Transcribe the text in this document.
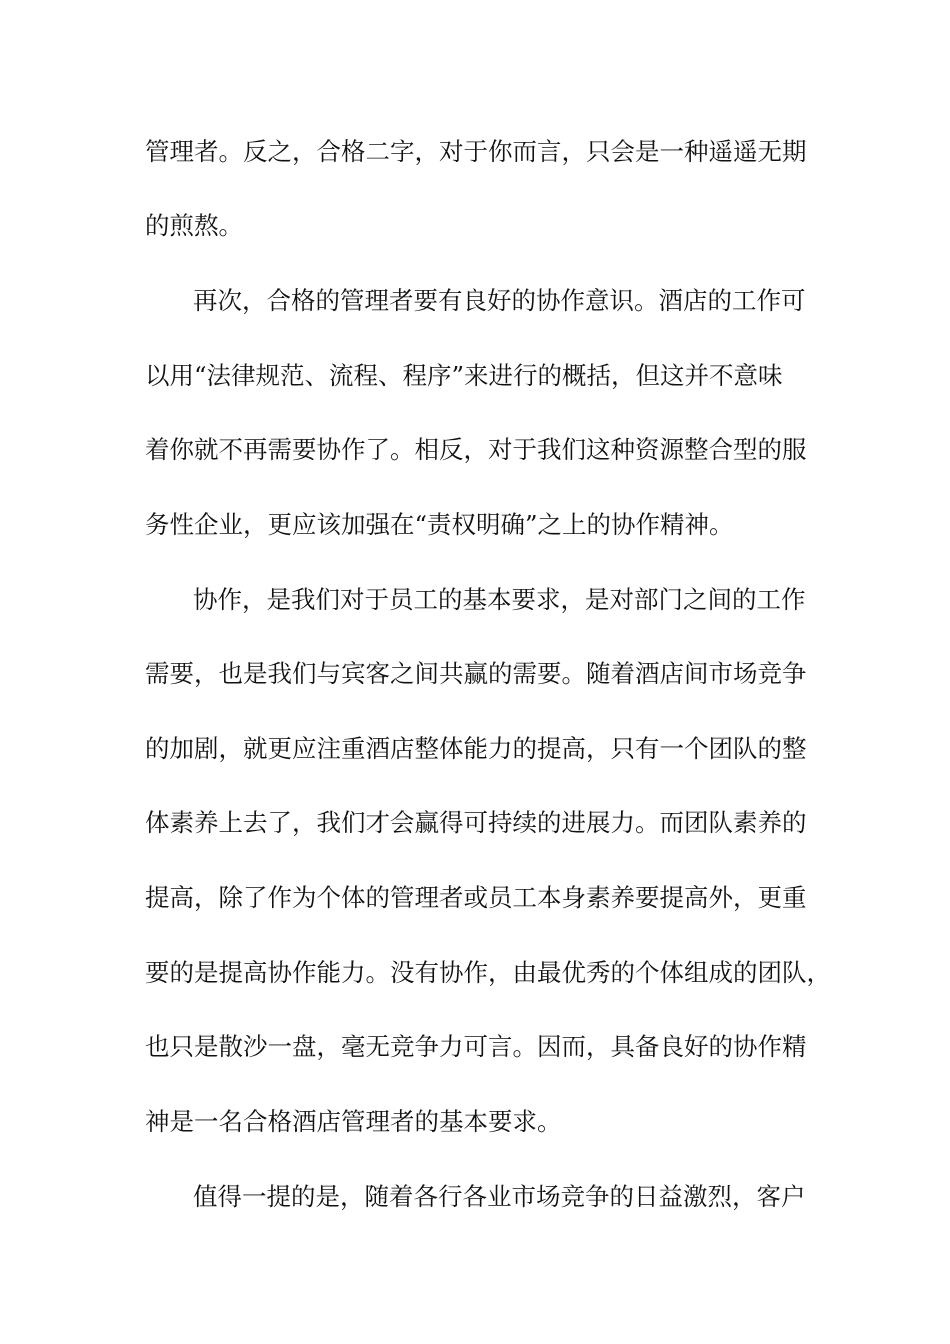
管理者。反之，合格二字，对于你而言，只会是一种遥遥无期
的煎熬。
再次，合格的管理者要有良好的协作意识。酒店的工作可
以用“法律规范、流程、程序”来进行的概括，但这并不意味
着你就不再需要协作了。相反，对于我们这种资源整合型的服
务性企业，更应该加强在“责权明确”之上的协作精神。
协作，是我们对于员工的基本要求，是对部门之间的工作
需要，也是我们与宾客之间共赢的需要。随着酒店间市场竞争
的加剧，就更应注重酒店整体能力的提高，只有一个团队的整
体素养上去了，我们才会赢得可持续的进展力。而团队素养的
提高，除了作为个体的管理者或员工本身素养要提高外，更重
要的是提高协作能力。没有协作，由最优秀的个体组成的团队，
也只是散沙一盘，毫无竞争力可言。因而，具备良好的协作精
神是一名合格酒店管理者的基本要求。
值得一提的是，随着各行各业市场竞争的日益激烈，客户
